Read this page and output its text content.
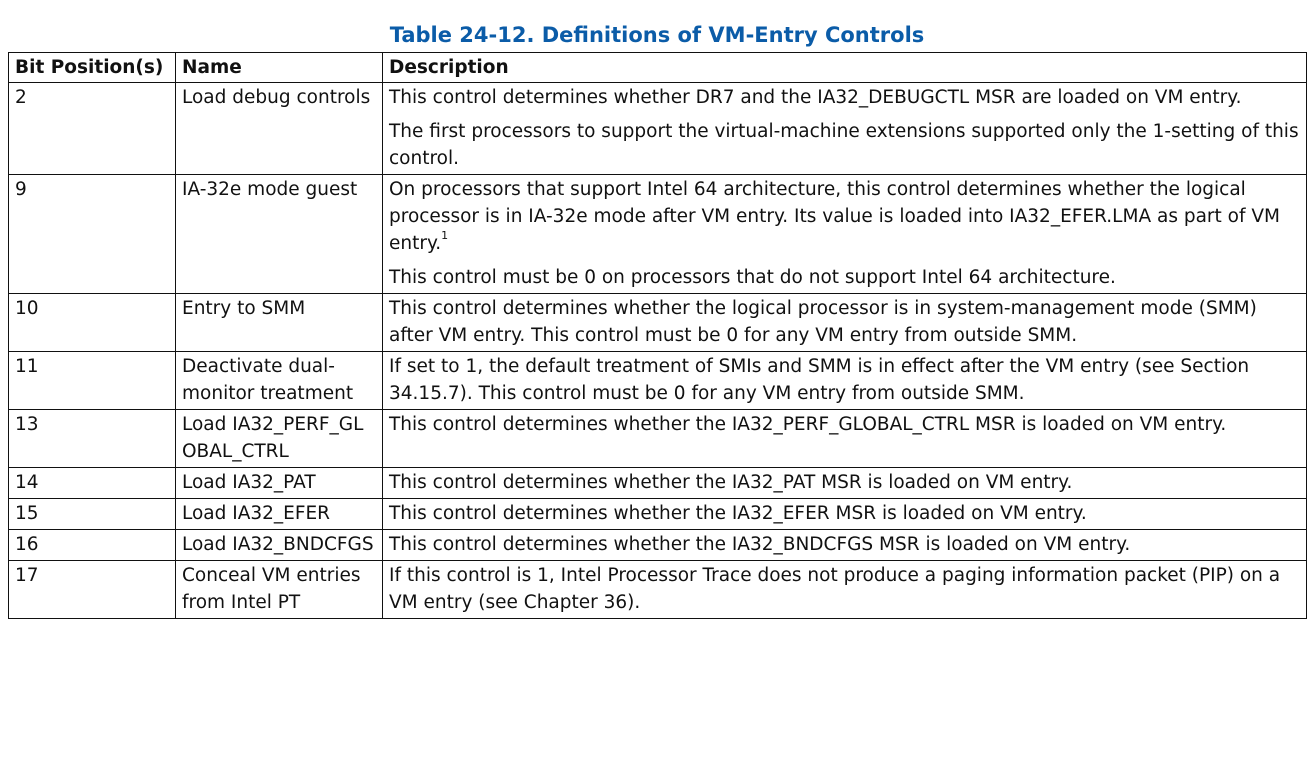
Table 24-12. Definitions of VM-Entry Controls
Bit Position(s)	Name	Description
2	Load debug controls	This control determines whether DR7 and the IA32_DEBUGCTL MSR are loaded on VM entry.

The first processors to support the virtual-machine extensions supported only the 1-setting of this control.

9	IA-32e mode guest	On processors that support Intel 64 architecture, this control determines whether the logical processor is in IA-32e mode after VM entry. Its value is loaded into IA32_EFER.LMA as part of VM entry.$^1$

This control must be 0 on processors that do not support Intel 64 architecture.

10	Entry to SMM	This control determines whether the logical processor is in system-management mode (SMM) after VM entry. This control must be 0 for any VM entry from outside SMM.

11	Deactivate dual-monitor treatment	If set to 1, the default treatment of SMIs and SMM is in effect after the VM entry (see Section 34.15.7). This control must be 0 for any VM entry from outside SMM.

13	Load IA32_PERF_GLOBAL_CTRL	This control determines whether the IA32_PERF_GLOBAL_CTRL MSR is loaded on VM entry.

14	Load IA32_PAT	This control determines whether the IA32_PAT MSR is loaded on VM entry.

15	Load IA32_EFER	This control determines whether the IA32_EFER MSR is loaded on VM entry.

16	Load IA32_BNDCFGS	This control determines whether the IA32_BNDCFGS MSR is loaded on VM entry.

17	Conceal VM entries from Intel PT	If this control is 1, Intel Processor Trace does not produce a paging information packet (PIP) on a VM entry (see Chapter 36).
